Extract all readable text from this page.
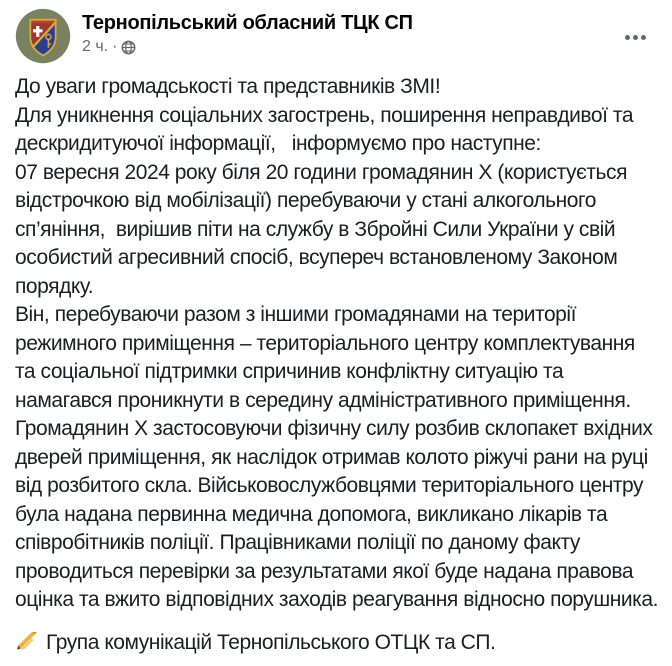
Тернопільський обласний ТЦК СП
2 ч. ·
До уваги громадськості та представників ЗМІ!
Для уникнення соціальних загострень, поширення неправдивої та дескридитуючої інформації,   інформуємо про наступне:
07 вересня 2024 року біля 20 години громадянин Х (користується відстрочкою від мобілізації) перебуваючи у стані алкогольного сп’яніння,  вирішив піти на службу в Збройні Сили України у свій особистий агресивний спосіб, всупереч встановленому Законом порядку.
Він, перебуваючи разом з іншими громадянами на території режимного приміщення – територіального центру комплектування та соціальної підтримки спричинив конфліктну ситуацію та намагався проникнути в середину адміністративного приміщення.
Громадянин Х застосовуючи фізичну силу розбив склопакет вхідних дверей приміщення, як наслідок отримав колото ріжучі рани на руці від розбитого скла. Військовослужбовцями територіального центру була надана первинна медична допомога, викликано лікарів та співробітників поліції. Працівниками поліції по даному факту проводиться перевірки за результатами якої буде надана правова оцінка та вжито відповідних заходів реагування відносно порушника.
Група комунікацій Тернопільського ОТЦК та СП.
